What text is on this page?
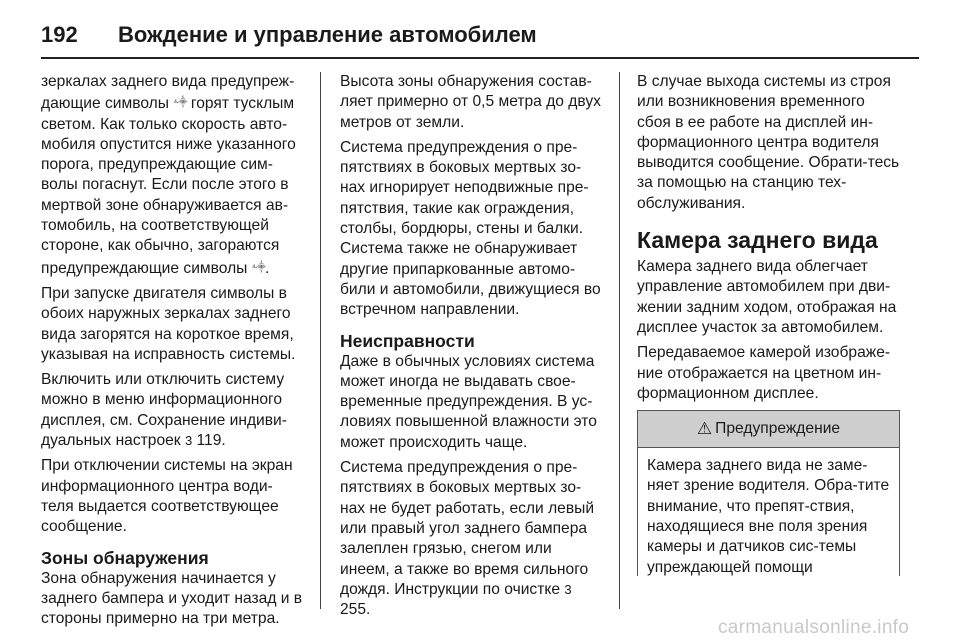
192 Вождение и управление автомобилем

зеркалах заднего вида предупреж-дающие символы ⁴·⸎ горят тусклым светом. Как только скорость авто-мобиля опустится ниже указанного порога, предупреждающие сим-волы погаснут. Если после этого в мертвой зоне обнаруживается ав-томобиль, на соответствующей стороне, как обычно, загораются предупреждающие символы ⁴·⸎.

При запуске двигателя символы в обоих наружных зеркалах заднего вида загорятся на короткое время, указывая на исправность системы.

Включить или отключить систему можно в меню информационного дисплея, см. Сохранение индиви-дуальных настроек 3 119.

При отключении системы на экран информационного центра води-теля выдается соответствующее сообщение.

Зоны обнаружения

Зона обнаружения начинается у заднего бампера и уходит назад и в стороны примерно на три метра.

Высота зоны обнаружения состав-ляет примерно от 0,5 метра до двух метров от земли.

Система предупреждения о пре-пятствиях в боковых мертвых зо-нах игнорирует неподвижные пре-пятствия, такие как ограждения, столбы, бордюры, стены и балки. Система также не обнаруживает другие припаркованные автомо-били и автомобили, движущиеся во встречном направлении.

Неисправности

Даже в обычных условиях система может иногда не выдавать свое-временные предупреждения. В ус-ловиях повышенной влажности это может происходить чаще.

Система предупреждения о пре-пятствиях в боковых мертвых зо-нах не будет работать, если левый или правый угол заднего бампера залеплен грязью, снегом или инеем, а также во время сильного дождя. Инструкции по очистке 3 255.

В случае выхода системы из строя или возникновения временного сбоя в ее работе на дисплей ин-формационного центра водителя выводится сообщение. Обрати-тесь за помощью на станцию тех-обслуживания.

Камера заднего вида

Камера заднего вида облегчает управление автомобилем при дви-жении задним ходом, отображая на дисплее участок за автомобилем.

Передаваемое камерой изображе-ние отображается на цветном ин-формационном дисплее.

⚠ Предупреждение
Камера заднего вида не заме-няет зрение водителя. Обра-тите внимание, что препят-ствия, находящиеся вне поля зрения камеры и датчиков сис-темы упреждающей помощи
carmanualsonline.info
